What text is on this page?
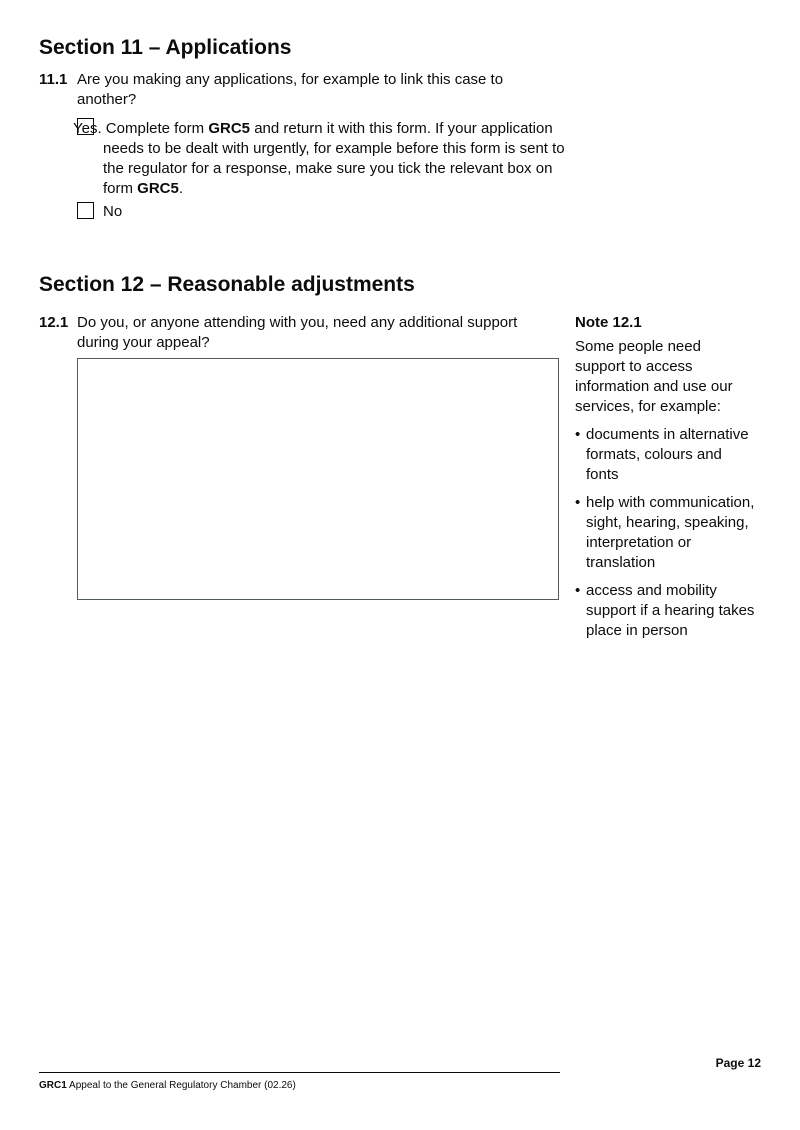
Section 11 – Applications
11.1 Are you making any applications, for example to link this case to another?
Yes. Complete form GRC5 and return it with this form. If your application needs to be dealt with urgently, for example before this form is sent to the regulator for a response, make sure you tick the relevant box on form GRC5.
No
Section 12 – Reasonable adjustments
12.1 Do you, or anyone attending with you, need any additional support during your appeal?
Note 12.1
Some people need support to access information and use our services, for example:
• documents in alternative formats, colours and fonts
• help with communication, sight, hearing, speaking, interpretation or translation
• access and mobility support if a hearing takes place in person
Page 12
GRC1 Appeal to the General Regulatory Chamber (02.26)
